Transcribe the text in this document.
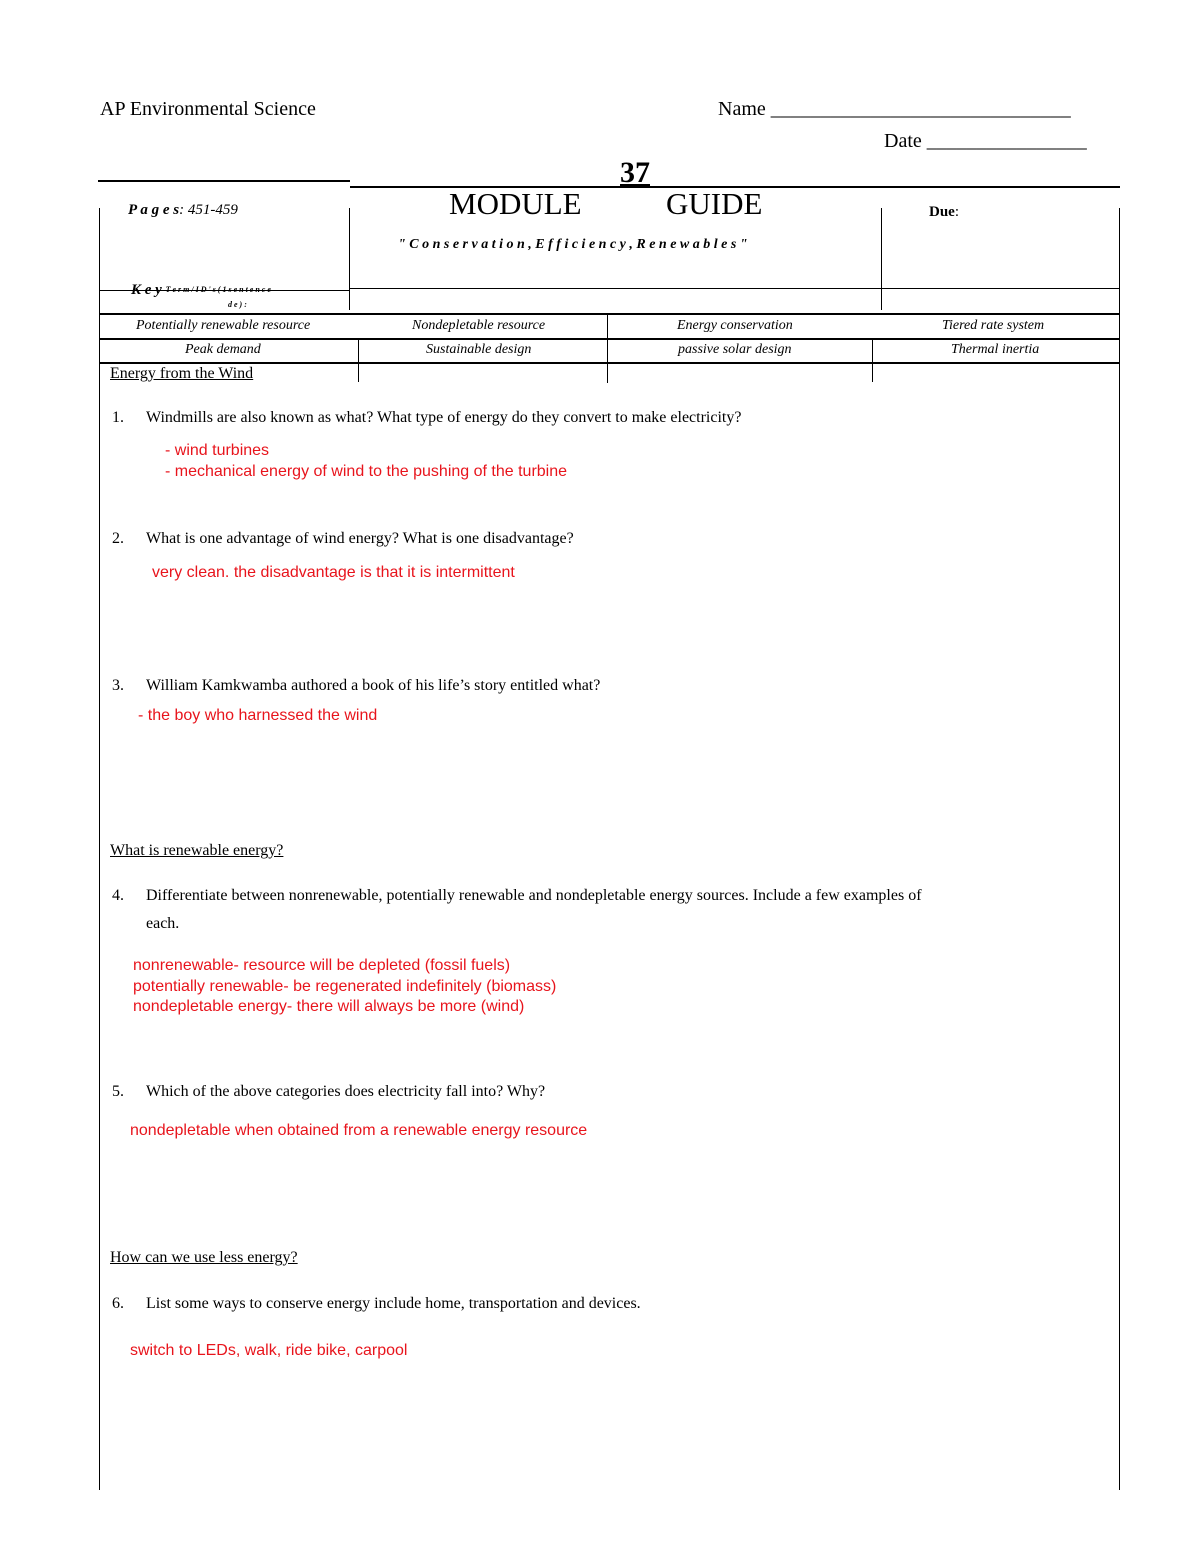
AP Environmental Science	Name ______________________________
Date ________________
P a g e s: 451-459
37
MODULE	GUIDE
" C o n s e r v a t i o n , E f f i c i e n c y , R e n e w a b l e s "
Due:
K e y T e r m / I D ' s ( 1 s e n t e n c e
d e ) :
Potentially renewable resource	Nondepletable resource	Energy conservation	Tiered rate system
Peak demand	Sustainable design	passive solar design	Thermal inertia
Energy from the Wind
1. Windmills are also known as what? What type of energy do they convert to make electricity?
- wind turbines
- mechanical energy of wind to the pushing of the turbine
2. What is one advantage of wind energy? What is one disadvantage?
very clean. the disadvantage is that it is intermittent
3. William Kamkwamba authored a book of his life’s story entitled what?
- the boy who harnessed the wind
What is renewable energy?
4. Differentiate between nonrenewable, potentially renewable and nondepletable energy sources. Include a few examples of
each.
nonrenewable- resource will be depleted (fossil fuels)
potentially renewable- be regenerated indefinitely (biomass)
nondepletable energy- there will always be more (wind)
5. Which of the above categories does electricity fall into? Why?
nondepletable when obtained from a renewable energy resource
How can we use less energy?
6. List some ways to conserve energy include home, transportation and devices.
switch to LEDs, walk, ride bike, carpool
